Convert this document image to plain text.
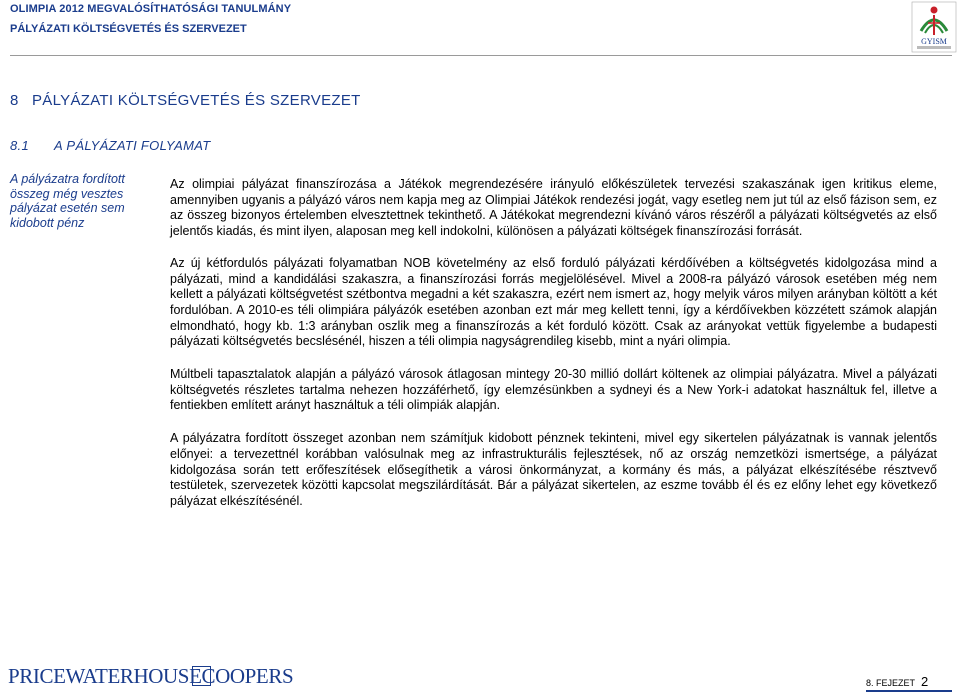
OLIMPIA 2012 MEGVALÓSÍTHATÓSÁGI TANULMÁNY
PÁLYÁZATI KÖLTSÉGVETÉS ÉS SZERVEZET
GYISM
8 PÁLYÁZATI KÖLTSÉGVETÉS ÉS SZERVEZET
8.1 A PÁLYÁZATI FOLYAMAT
A pályázatra fordított összeg még vesztes pályázat esetén sem kidobott pénz

Az olimpiai pályázat finanszírozása a Játékok megrendezésére irányuló előkészületek tervezési szakaszának igen kritikus eleme, amennyiben ugyanis a pályázó város nem kapja meg az Olimpiai Játékok rendezési jogát, vagy esetleg nem jut túl az első fázison sem, ez az összeg bizonyos értelemben elvesztettnek tekinthető. A Játékokat megrendezni kívánó város részéről a pályázati költségvetés az első jelentős kiadás, és mint ilyen, alaposan meg kell indokolni, különösen a pályázati költségek finanszírozási forrását.

Az új kétfordulós pályázati folyamatban NOB követelmény az első forduló pályázati kérdőívében a költségvetés kidolgozása mind a pályázati, mind a kandidálási szakaszra, a finanszírozási forrás megjelölésével. Mivel a 2008-ra pályázó városok esetében még nem kellett a pályázati költségvetést szétbontva megadni a két szakaszra, ezért nem ismert az, hogy melyik város milyen arányban költött a két fordulóban. A 2010-es téli olimpiára pályázók esetében azonban ezt már meg kellett tenni, így a kérdőívekben közzétett számok alapján elmondható, hogy kb. 1:3 arányban oszlik meg a finanszírozás a két forduló között. Csak az arányokat vettük figyelembe a budapesti pályázati költségvetés becslésénél, hiszen a téli olimpia nagyságrendileg kisebb, mint a nyári olimpia.

Múltbeli tapasztalatok alapján a pályázó városok átlagosan mintegy 20-30 millió dollárt költenek az olimpiai pályázatra. Mivel a pályázati költségvetés részletes tartalma nehezen hozzáférhető, így elemzésünkben a sydneyi és a New York-i adatokat használtuk fel, illetve a fentiekben említett arányt használtuk a téli olimpiák alapján.

A pályázatra fordított összeget azonban nem számítjuk kidobott pénznek tekinteni, mivel egy sikertelen pályázatnak is vannak jelentős előnyei: a tervezettnél korábban valósulnak meg az infrastrukturális fejlesztések, nő az ország nemzetközi ismertsége, a pályázat kidolgozása során tett erőfeszítések elősegíthetik a városi önkormányzat, a kormány és más, a pályázat elkészítésébe résztvevő testületek, szervezetek közötti kapcsolat megszilárdítását. Bár a pályázat sikertelen, az eszme tovább él és ez előny lehet egy következő pályázat elkészítésénél.

PRICEWATERHOUSECOOPERS	8. FEJEZET 2
